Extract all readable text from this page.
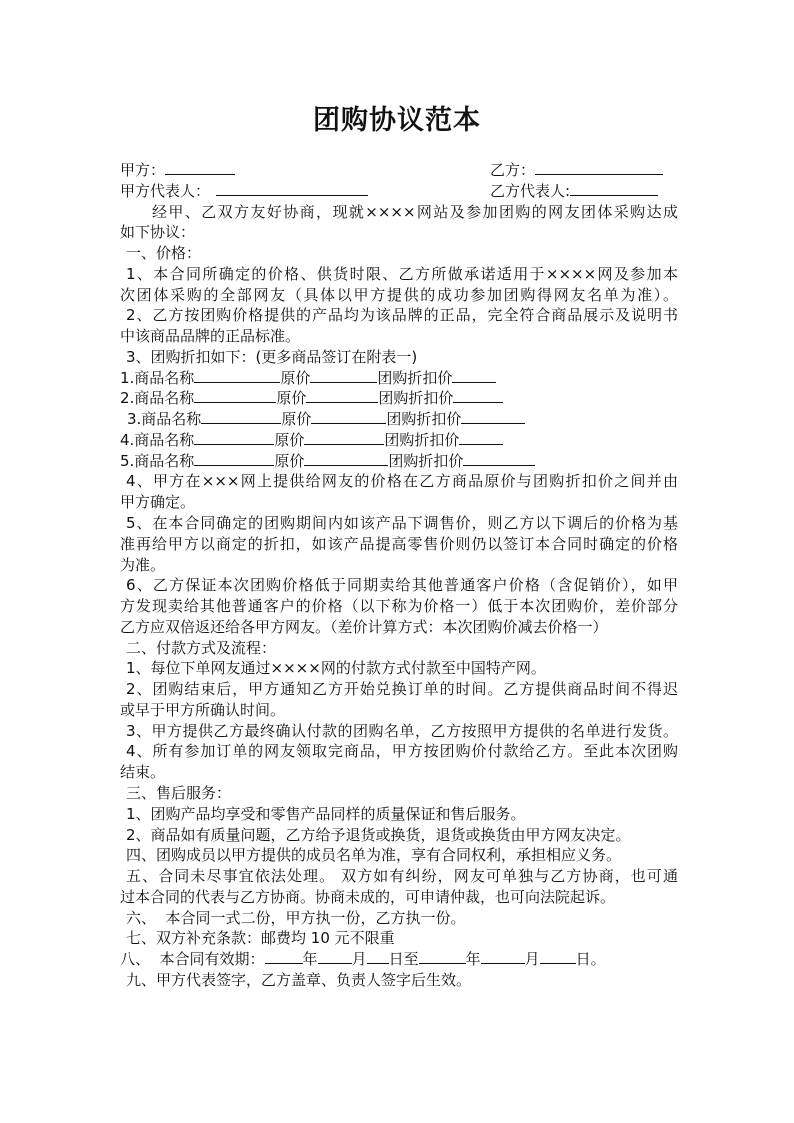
团购协议范本
甲方：	乙方：
甲方代表人：	乙方代表人:
经甲、乙双方友好协商，现就××××网站及参加团购的网友团体采购达成
如下协议：
一、价格：
1、本合同所确定的价格、供货时限、乙方所做承诺适用于××××网及参加本
次团体采购的全部网友（具体以甲方提供的成功参加团购得网友名单为准）。
2、乙方按团购价格提供的产品均为该品牌的正品，完全符合商品展示及说明书
中该商品品牌的正品标准。
3、团购折扣如下：(更多商品签订在附表一)
1.商品名称	原价	团购折扣价
2.商品名称	原价	团购折扣价
3.商品名称	原价	团购折扣价
4.商品名称	原价	团购折扣价
5.商品名称	原价	团购折扣价
4、甲方在×××网上提供给网友的价格在乙方商品原价与团购折扣价之间并由
甲方确定。
5、在本合同确定的团购期间内如该产品下调售价，则乙方以下调后的价格为基
准再给甲方以商定的折扣，如该产品提高零售价则仍以签订本合同时确定的价格
为准。
6、乙方保证本次团购价格低于同期卖给其他普通客户价格（含促销价），如甲
方发现卖给其他普通客户的价格（以下称为价格一）低于本次团购价，差价部分
乙方应双倍返还给各甲方网友。（差价计算方式：本次团购价减去价格一）
二、付款方式及流程：
1、每位下单网友通过××××网的付款方式付款至中国特产网。
2、团购结束后，甲方通知乙方开始兑换订单的时间。乙方提供商品时间不得迟
或早于甲方所确认时间。
3、甲方提供乙方最终确认付款的团购名单，乙方按照甲方提供的名单进行发货。
4、所有参加订单的网友领取完商品，甲方按团购价付款给乙方。至此本次团购
结束。
三、售后服务：
1、团购产品均享受和零售产品同样的质量保证和售后服务。
2、商品如有质量问题，乙方给予退货或换货，退货或换货由甲方网友决定。
四、团购成员以甲方提供的成员名单为准，享有合同权利，承担相应义务。
五、合同未尽事宜依法处理。 双方如有纠纷，网友可单独与乙方协商，也可通
过本合同的代表与乙方协商。协商未成的，可申请仲裁，也可向法院起诉。
六、  本合同一式二份，甲方执一份，乙方执一份。
七、双方补充条款：邮费均 10 元不限重
八、  本合同有效期：	年 月 日至	年	月 日。
九、甲方代表签字，乙方盖章、负责人签字后生效。
